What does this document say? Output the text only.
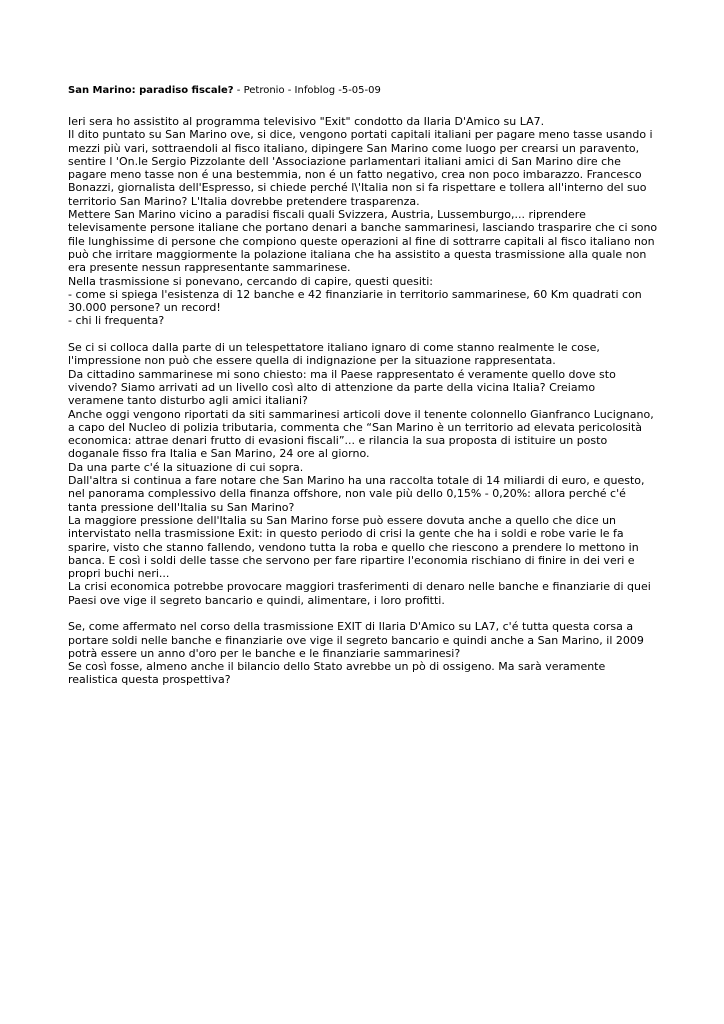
San Marino: paradiso fiscale? - Petronio - Infoblog -5-05-09
Ieri sera ho assistito al programma televisivo "Exit" condotto da Ilaria D'Amico su LA7.
Il dito puntato su San Marino ove, si dice, vengono portati capitali italiani per pagare meno tasse usando i
mezzi più vari, sottraendoli al fisco italiano, dipingere San Marino come luogo per crearsi un paravento,
sentire l 'On.le Sergio Pizzolante dell 'Associazione parlamentari italiani amici di San Marino dire che
pagare meno tasse non é una bestemmia, non é un fatto negativo, crea non poco imbarazzo. Francesco
Bonazzi, giornalista dell'Espresso, si chiede perché l\'Italia non si fa rispettare e tollera all'interno del suo
territorio San Marino? L'Italia dovrebbe pretendere trasparenza.
Mettere San Marino vicino a paradisi fiscali quali Svizzera, Austria, Lussemburgo,... riprendere
televisamente persone italiane che portano denari a banche sammarinesi, lasciando trasparire che ci sono
file lunghissime di persone che compiono queste operazioni al fine di sottrarre capitali al fisco italiano non
può che irritare maggiormente la polazione italiana che ha assistito a questa trasmissione alla quale non
era presente nessun rappresentante sammarinese.
Nella trasmissione si ponevano, cercando di capire, questi quesiti:
- come si spiega l'esistenza di 12 banche e 42 finanziarie in territorio sammarinese, 60 Km quadrati con
30.000 persone? un record!
- chi li frequenta?
Se ci si colloca dalla parte di un telespettatore italiano ignaro di come stanno realmente le cose,
l'impressione non può che essere quella di indignazione per la situazione rappresentata.
Da cittadino sammarinese mi sono chiesto: ma il Paese rappresentato é veramente quello dove sto
vivendo? Siamo arrivati ad un livello così alto di attenzione da parte della vicina Italia? Creiamo
veramene tanto disturbo agli amici italiani?
Anche oggi vengono riportati da siti sammarinesi articoli dove il tenente colonnello Gianfranco Lucignano,
a capo del Nucleo di polizia tributaria, commenta che “San Marino è un territorio ad elevata pericolosità
economica: attrae denari frutto di evasioni fiscali”... e rilancia la sua proposta di istituire un posto
doganale fisso fra Italia e San Marino, 24 ore al giorno.
Da una parte c'é la situazione di cui sopra.
Dall'altra si continua a fare notare che San Marino ha una raccolta totale di 14 miliardi di euro, e questo,
nel panorama complessivo della finanza offshore, non vale più dello 0,15% - 0,20%: allora perché c'é
tanta pressione dell'Italia su San Marino?
La maggiore pressione dell'Italia su San Marino forse può essere dovuta anche a quello che dice un
intervistato nella trasmissione Exit: in questo periodo di crisi la gente che ha i soldi e robe varie le fa
sparire, visto che stanno fallendo, vendono tutta la roba e quello che riescono a prendere lo mettono in
banca. E così i soldi delle tasse che servono per fare ripartire l'economia rischiano di finire in dei veri e
propri buchi neri...
La crisi economica potrebbe provocare maggiori trasferimenti di denaro nelle banche e finanziarie di quei
Paesi ove vige il segreto bancario e quindi, alimentare, i loro profitti.
Se, come affermato nel corso della trasmissione EXIT di Ilaria D'Amico su LA7, c'é tutta questa corsa a
portare soldi nelle banche e finanziarie ove vige il segreto bancario e quindi anche a San Marino, il 2009
potrà essere un anno d'oro per le banche e le finanziarie sammarinesi?
Se così fosse, almeno anche il bilancio dello Stato avrebbe un pò di ossigeno. Ma sarà veramente
realistica questa prospettiva?
